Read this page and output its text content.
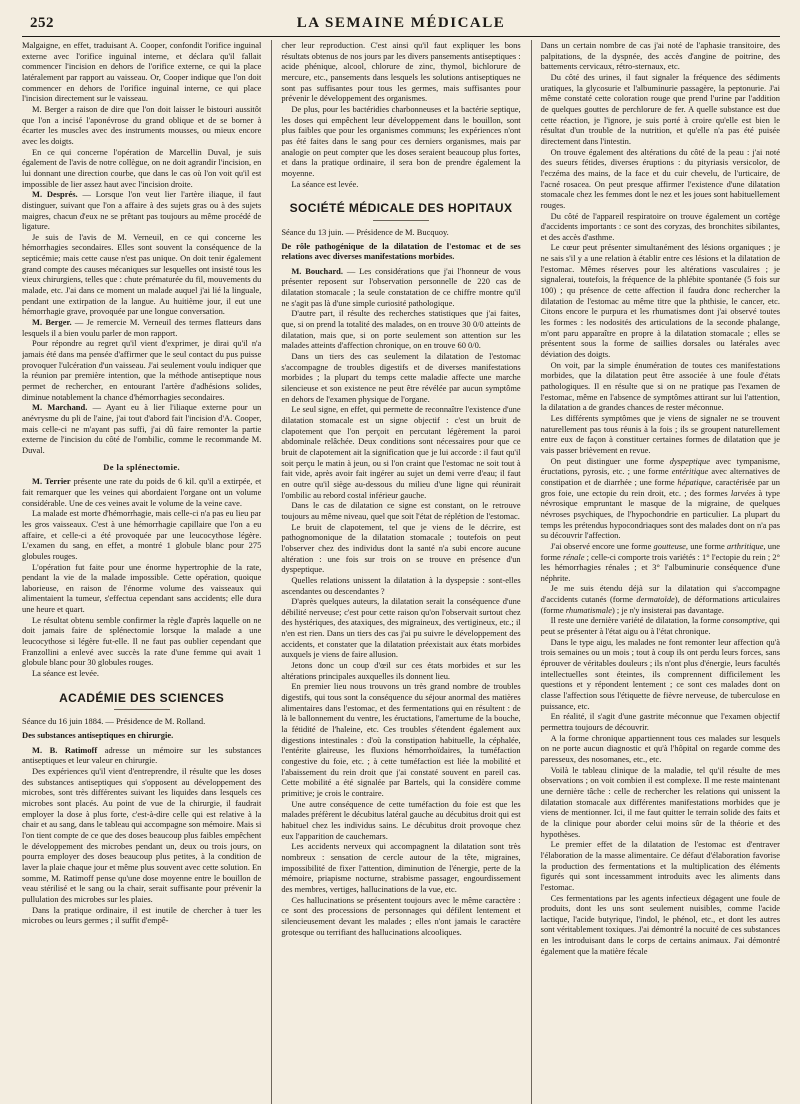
252	LA SEMAINE MÉDICALE

Malgaigne, en effet, traduisant A. Cooper, confondit l'orifice inguinal externe avec l'orifice inguinal interne, et déclara qu'il fallait commencer l'incision en dehors de l'orifice externe, ce qui la place latéralement par rapport au vaisseau. Or, Cooper indique que l'on doit commencer en dehors de l'orifice inguinal interne, ce qui place l'incision directement sur le vaisseau.

M. Berger a raison de dire que l'on doit laisser le bistouri aussitôt que l'on a incisé l'aponévrose du grand oblique et de se borner à écarter les muscles avec des instruments mousses, ou mieux encore avec les doigts.

En ce qui concerne l'opération de Marcellin Duval, je suis également de l'avis de notre collègue, on ne doit agrandir l'incision, en lui donnant une direction courbe, que dans le cas où l'on voit qu'il est impossible de lier assez haut avec l'incision droite.

M. Després. — Lorsque l'on veut lier l'artère iliaque, il faut distinguer, suivant que l'on a affaire à des sujets gras ou à des sujets maigres, chacun d'eux ne se prêtant pas toujours au même procédé de ligature.

Je suis de l'avis de M. Verneuil, en ce qui concerne les hémorrhagies secondaires. Elles sont souvent la conséquence de la septicémie; mais cette cause n'est pas unique. On doit tenir également grand compte des causes mécaniques sur lesquelles ont insisté tous les vieux chirurgiens, telles que : chute prématurée du fil, mouvements du malade, etc. J'ai dans ce moment un malade auquel j'ai lié la linguale, pendant une extirpation de la langue. Au huitième jour, il eut une hémorrhagie grave, provoquée par une longue conversation.

M. Berger. — Je remercie M. Verneuil des termes flatteurs dans lesquels il a bien voulu parler de mon rapport.

Pour répondre au regret qu'il vient d'exprimer, je dirai qu'il n'a jamais été dans ma pensée d'affirmer que le seul contact du pus puisse provoquer l'ulcération d'un vaisseau. J'ai seulement voulu indiquer que la réunion par première intention, que la méthode antiseptique nous permet de rechercher, en entourant l'artère d'adhésions solides, diminue notablement la chance d'hémorrhagies secondaires.

M. Marchand. — Ayant eu à lier l'iliaque externe pour un anévrysme du pli de l'aine, j'ai tout d'abord fait l'incision d'A. Cooper, mais celle-ci ne m'ayant pas suffi, j'ai dû faire remonter la partie externe de l'incision du côté de l'ombilic, comme le recommande M. Duval.

De la splénectomie.

M. Terrier présente une rate du poids de 6 kil. qu'il a extirpée, et fait remarquer que les veines qui abordaient l'organe ont un volume considérable. Une de ces veines avait le volume de la veine cave.

La malade est morte d'hémorrhagie, mais celle-ci n'a pas eu lieu par les gros vaisseaux. C'est à une hémorrhagie capillaire que l'on a eu affaire, et celle-ci a été provoquée par une leucocythose légère. L'examen du sang, en effet, a montré 1 globule blanc pour 275 globules rouges.

L'opération fut faite pour une énorme hypertrophie de la rate, pendant la vie de la malade impossible. Cette opération, quoique laborieuse, en raison de l'énorme volume des vaisseaux qui alimentaient la tumeur, s'effectua cependant sans accidents; elle dura une heure et quart.

Le résultat obtenu semble confirmer la règle d'après laquelle on ne doit jamais faire de splénectomie lorsque la malade a une leucocythose si légère fut-elle. Il ne faut pas oublier cependant que Franzollini a enlevé avec succès la rate d'une femme qui avait 1 globule blanc pour 30 globules rouges.

La séance est levée.

ACADÉMIE DES SCIENCES

Séance du 16 juin 1884. — Présidence de M. Rolland.

Des substances antiseptiques en chirurgie.

M. B. Ratimoff adresse un mémoire sur les substances antiseptiques et leur valeur en chirurgie.

Des expériences qu'il vient d'entreprendre, il résulte que les doses des substances antiseptiques qui s'opposent au développement des microbes, sont très différentes suivant les liquides dans lesquels ces microbes sont placés. Au point de vue de la chirurgie, il faudrait employer la dose à plus forte, c'est-à-dire celle qui est relative à la chair et au sang, dans le tableau qui accompagne son mémoire. Mais si l'on tient compte de ce que des doses beaucoup plus faibles empêchent le développement des microbes pendant un, deux ou trois jours, on pourra employer des doses beaucoup plus petites, à la condition de laver la plaie chaque jour et même plus souvent avec cette solution. En somme, M. Ratimoff pense qu'une dose moyenne entre le bouillon de veau stérilisé et le sang ou la chair, serait suffisante pour prévenir la pullulation des microbes sur les plaies.

Dans la pratique ordinaire, il est inutile de chercher à tuer les microbes ou leurs germes ; il suffit d'empê-

cher leur reproduction. C'est ainsi qu'il faut expliquer les bons résultats obtenus de nos jours par les divers pansements antiseptiques : acide phénique, alcool, chlorure de zinc, thymol, bichlorure de mercure, etc., pansements dans lesquels les solutions antiseptiques ne sont pas suffisantes pour tous les germes, mais suffisantes pour prévenir le développement des organismes.

De plus, pour les bactéridies charbonneuses et la bactérie septique, les doses qui empêchent leur développement dans le bouillon, sont plus faibles que pour les organismes communs; les expériences n'ont pas été faites dans le sang pour ces derniers organismes, mais par analogie on peut compter que les doses seraient beaucoup plus fortes, et dans la pratique ordinaire, il sera bon de prendre également la moyenne.

La séance est levée.

SOCIÉTÉ MÉDICALE DES HOPITAUX

Séance du 13 juin. — Présidence de M. Bucquoy.

De rôle pathogénique de la dilatation de l'estomac et de ses relations avec diverses manifestations morbides.

M. Bouchard. — Les considérations que j'ai l'honneur de vous présenter reposent sur l'observation personnelle de 220 cas de dilatation stomacale ; la seule constatation de ce chiffre montre qu'il ne s'agit pas là d'une simple curiosité pathologique.

D'autre part, il résulte des recherches statistiques que j'ai faites, que, si on prend la totalité des malades, on en trouve 30 0/0 atteints de dilatation, mais que, si on porte seulement son attention sur les malades atteints d'affection chronique, on en trouve 60 0/0.

Dans un tiers des cas seulement la dilatation de l'estomac s'accompagne de troubles digestifs et de diverses manifestations morbides ; la plupart du temps cette maladie affecte une marche silencieuse et son existence ne peut être révélée par aucun symptôme en dehors de l'examen physique de l'organe.

Le seul signe, en effet, qui permette de reconnaître l'existence d'une dilatation stomacale est un signe objectif : c'est un bruit de clapotement que l'on perçoit en percutant légèrement la paroi abdominale relâchée. Deux conditions sont nécessaires pour que ce bruit de clapotement ait la signification que je lui accorde : il faut qu'il soit perçu le matin à jeun, ou si l'on craint que l'estomac ne soit tout à fait vide, après avoir fait ingérer au sujet un demi verre d'eau; il faut en outre qu'il siège au-dessous du milieu d'une ligne qui réunirait l'ombilic au rebord costal inférieur gauche.

Dans le cas de dilatation ce signe est constant, on le retrouve toujours au même niveau, quel que soit l'état de réplétion de l'estomac.

Le bruit de clapotement, tel que je viens de le décrire, est pathognomonique de la dilatation stomacale ; toutefois on peut l'observer chez des individus dont la santé n'a subi encore aucune altération : une fois sur trois on se trouve en présence d'un dyspeptique.

Quelles relations unissent la dilatation à la dyspepsie : sont-elles ascendantes ou descendantes ?

D'après quelques auteurs, la dilatation serait la conséquence d'une débilité nerveuse; c'est pour cette raison qu'on l'observait surtout chez des hystériques, des ataxiques, des migraineux, des vertigineux, etc.; il n'en est rien. Dans un tiers des cas j'ai pu suivre le développement des accidents, et constater que la dilatation préexistait aux états morbides auxquels je viens de faire allusion.

Jetons donc un coup d'œil sur ces états morbides et sur les altérations principales auxquelles ils donnent lieu.

En premier lieu nous trouvons un très grand nombre de troubles digestifs, qui tous sont la conséquence du séjour anormal des matières alimentaires dans l'estomac, et des fermentations qui en résultent : de là le ballonnement du ventre, les éructations, l'amertume de la bouche, la fétidité de l'haleine, etc. Ces troubles s'étendent également aux digestions intestinales : d'où la constipation habituelle, la céphalée, l'entérite glaireuse, les fluxions hémorrhoïdaires, la tuméfaction congestive du foie, etc. ; à cette tuméfaction est liée la mobilité et l'abaissement du rein droit que j'ai constaté souvent en pareil cas. Cette mobilité a été signalée par Bartels, qui la considère comme primitive; je crois le contraire.

Une autre conséquence de cette tuméfaction du foie est que les malades préfèrent le décubitus latéral gauche au décubitus droit qui est habituel chez les individus sains. Le décubitus droit provoque chez eux l'apparition de cauchemars.

Les accidents nerveux qui accompagnent la dilatation sont très nombreux : sensation de cercle autour de la tête, migraines, impossibilité de fixer l'attention, diminution de l'énergie, perte de la mémoire, priapisme nocturne, strabisme passager, engourdissement des membres, vertiges, hallucinations de la vue, etc.

Ces hallucinations se présentent toujours avec le même caractère : ce sont des processions de personnages qui défilent lentement et silencieusement devant les malades ; elles n'ont jamais le caractère grotesque ou terrifiant des hallucinations alcooliques.

Dans un certain nombre de cas j'ai noté de l'aphasie transitoire, des palpitations, de la dyspnée, des accès d'angine de poitrine, des battements cervicaux, rétro-sternaux, etc.

Du côté des urines, il faut signaler la fréquence des sédiments uratiques, la glycosurie et l'albuminurie passagère, la peptonurie. J'ai même constaté cette coloration rouge que prend l'urine par l'addition de quelques gouttes de perchlorure de fer. A quelle substance est due cette réaction, je l'ignore, je suis porté à croire qu'elle est bien le résultat d'un trouble de la nutrition, et qu'elle n'a pas été puisée directement dans l'intestin.

On trouve également des altérations du côté de la peau : j'ai noté des sueurs fétides, diverses éruptions : du pityriasis versicolor, de l'eczéma des mains, de la face et du cuir chevelu, de l'urticaire, de l'acné rosacea. On peut presque affirmer l'existence d'une dilatation stomacale chez les femmes dont le nez et les joues sont habituellement rouges.

Du côté de l'appareil respiratoire on trouve également un cortège d'accidents importants : ce sont des coryzas, des bronchites sibilantes, et des accès d'asthme.

Le cœur peut présenter simultanément des lésions organiques ; je ne sais s'il y a une relation à établir entre ces lésions et la dilatation de l'estomac. Mêmes réserves pour les altérations vasculaires ; je signalerai, toutefois, la fréquence de la phlébite spontanée (5 fois sur 100) ; qu présence de cette affection il faudra donc rechercher la dilatation de l'estomac au même titre que la phthisie, le cancer, etc. Citons encore le purpura et les rhumatismes dont j'ai observé toutes les formes : les nodosités des articulations de la seconde phalange, m'ont paru apparaître en propre à la dilatation stomacale ; elles se présentent sous la forme de saillies dorsales ou latérales avec déviation des doigts.

On voit, par la simple énumération de toutes ces manifestations morbides, que la dilatation peut être associée à une foule d'états pathologiques. Il en résulte que si on ne pratique pas l'examen de l'estomac, même en l'absence de symptômes attirant sur lui l'attention, la dilatation a de grandes chances de rester méconnue.

Les différents symptômes que je viens de signaler ne se trouvent naturellement pas tous réunis à la fois ; ils se groupent naturellement entre eux de façon à constituer certaines formes de dilatation que je vais passer brièvement en revue.

On peut distinguer une forme dyspeptique avec tympanisme, éructations, pyrosis, etc. ; une forme entéritique avec alternatives de constipation et de diarrhée ; une forme hépatique, caractérisée par un gros foie, une ectopie du rein droit, etc. ; des formes larvées à type névrosique empruntant le masque de la migraine, de quelques névroses psychiques, de l'hypochondrie en particulier. La plupart du temps les prétendus hypocondriaques sont des malades dont on n'a pas su découvrir l'affection.

J'ai observé encore une forme goutteuse, une forme arthritique, une forme rénale ; celle-ci comporte trois variétés : 1° l'ectopie du rein ; 2° les hémorrhagies rénales ; et 3° l'albuminurie conséquence d'une néphrite.

Je me suis étendu déjà sur la dilatation qui s'accompagne d'accidents cutanés (forme dermatoïde), de déformations articulaires (forme rhumatismale) ; je n'y insisterai pas davantage.

Il reste une dernière variété de dilatation, la forme consomptive, qui peut se présenter à l'état aigu ou à l'état chronique.

Dans le type aigu, les malades ne font remonter leur affection qu'à trois semaines ou un mois ; tout à coup ils ont perdu leurs forces, sans éprouver de véritables douleurs ; ils n'ont plus d'énergie, leurs facultés intellectuelles sont éteintes, ils comprennent difficilement les questions et y répondent lentement ; ce sont ces malades dont on classe l'affection sous l'étiquette de fièvre nerveuse, de tuberculose en puissance, etc.

En réalité, il s'agit d'une gastrite méconnue que l'examen objectif permettra toujours de découvrir.

A la forme chronique appartiennent tous ces malades sur lesquels on ne porte aucun diagnostic et qu'à l'hôpital on regarde comme des paresseux, des nosomanes, etc., etc.

Voilà le tableau clinique de la maladie, tel qu'il résulte de mes observations ; on voit combien il est complexe. Il me reste maintenant une dernière tâche : celle de rechercher les relations qui unissent la dilatation stomacale aux différentes manifestations morbides que je viens de mentionner. Ici, il me faut quitter le terrain solide des faits et de la clinique pour aborder celui moins sûr de la théorie et des hypothèses.

Le premier effet de la dilatation de l'estomac est d'entraver l'élaboration de la masse alimentaire. Ce défaut d'élaboration favorise la production des fermentations et la multiplication des éléments figurés qui sont incessamment introduits avec les aliments dans l'estomac.

Ces fermentations par les agents infectieux dégagent une foule de produits, dont les uns sont seulement nuisibles, comme l'acide lactique, l'acide butyrique, l'indol, le phénol, etc., et dont les autres sont véritablement toxiques. J'ai démontré la nocuité de ces substances en les introduisant dans le corps de certains animaux. J'ai démontré également que la matière fécale
